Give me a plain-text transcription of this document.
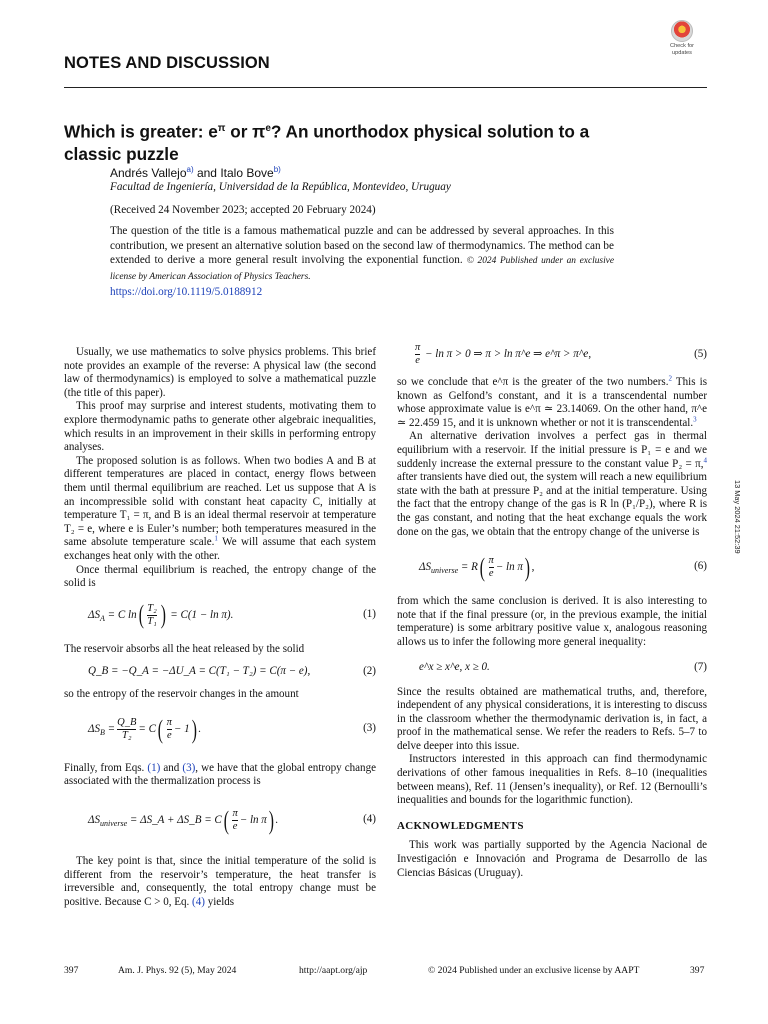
NOTES AND DISCUSSION
Check for
updates
Which is greater: $e^\pi$ or $\pi^e$? An unorthodox physical solution to a classic puzzle
Andrés Vallejo$^{a)}$ and Italo Bove$^{b)}$
Facultad de Ingeniería, Universidad de la República, Montevideo, Uruguay
(Received 24 November 2023; accepted 20 February 2024)
The question of the title is a famous mathematical puzzle and can be addressed by several approaches. In this contribution, we present an alternative solution based on the second law of thermodynamics. The method can be extended to derive a more general result involving the exponential function. © 2024 Published under an exclusive license by American Association of Physics Teachers.
https://doi.org/10.1119/5.0188912

Usually, we use mathematics to solve physics problems. This brief note provides an example of the reverse: A physical law (the second law of thermodynamics) is employed to solve a mathematical puzzle (the title of this paper).

This proof may surprise and interest students, motivating them to explore thermodynamic paths to generate other algebraic inequalities, which results in an improvement in their skills in performing entropy analyses.

The proposed solution is as follows. When two bodies A and B at different temperatures are placed in contact, energy flows between them until thermal equilibrium are reached. Let us suppose that A is an incompressible solid with constant heat capacity C, initially at temperature T₁ = π, and B is an ideal thermal reservoir at temperature T₂ = e, where e is Euler’s number; both temperatures measured in the same absolute temperature scale.$^1$ We will assume that each system exchanges heat only with the other.

Once thermal equilibrium is reached, the entropy change of the solid is

$\Delta S_A = C$ $\ln( \frac{\text{T₂}}{\text{T₁}}$ ) = C(1 − ln π).	(1)

The reservoir absorbs all the heat released by the solid

Q_B = −Q_A = −ΔU_A = C(T₁ − T₂) = C(π − e),	(2)

so the entropy of the reservoir changes in the amount

$\Delta S_B = \frac{Q\_B}{\text{T₂}} = C( \frac{\pi}{e} - 1)$ .	(3)

Finally, from Eqs. (1) and (3), we have that the global entropy change associated with the thermalization process is

$\Delta S_{universe}$ = ΔS_A + ΔS_B = $C( \frac{\pi}{e} - \ln \pi)$ .	(4)

The key point is that, since the initial temperature of the solid is different from the reservoir’s temperature, the heat transfer is irreversible and, consequently, the total entropy change must be positive. Because C > 0, Eq. (4) yields

$\frac{\pi}{e} - \ln \pi > 0$ ⇒ π > ln π^e ⇒ e^π > π^e,	(5)

so we conclude that e^π is the greater of the two numbers.$^2$ This is known as Gelfond’s constant, and it is a transcendental number whose approximate value is e^π ≃ 23.14069. On the other hand, π^e ≃ 22.459 15, and it is unknown whether or not it is transcendental.$^3$

An alternative derivation involves a perfect gas in thermal equilibrium with a reservoir. If the initial pressure is P₁ = e and we suddenly increase the external pressure to the constant value P₂ = π,$^4$ after transients have died out, the system will reach a new equilibrium state with the bath at pressure P₂ and at the initial temperature. Using the fact that the entropy change of the gas is R ln (P₁/P₂), where R is the gas constant, and noting that the heat exchange equals the work done on the gas, we obtain that the entropy change of the universe is

$\Delta S_{universe} = R( \frac{\pi}{e} - \ln \pi)$ ,	(6)

from which the same conclusion is derived. It is also interesting to note that if the final pressure (or, in the previous example, the initial temperature) is some arbitrary positive value x, analogous reasoning allows us to infer the following more general inequality:

e^x ≥ x^e, x ≥ 0.	(7)

Since the results obtained are mathematical truths, and, therefore, independent of any physical considerations, it is interesting to discuss in the classroom whether the thermodynamic derivation is, in fact, a proof in the mathematical sense. We refer the readers to Refs. 5–7 to delve deeper into this issue.

Instructors interested in this approach can find thermodynamic derivations of other famous inequalities in Refs. 8–10 (inequalities between means), Ref. 11 (Jensen’s inequality), or Ref. 12 (Bernoulli’s inequalities and bounds for the logarithmic function).

ACKNOWLEDGMENTS

This work was partially supported by the Agencia Nacional de Investigación e Innovación and Programa de Desarrollo de las Ciencias Básicas (Uruguay).

13 May 2024 21:52:39
397	Am. J. Phys. 92 (5), May 2024	http://aapt.org/ajp	© 2024 Published under an exclusive license by AAPT	397
